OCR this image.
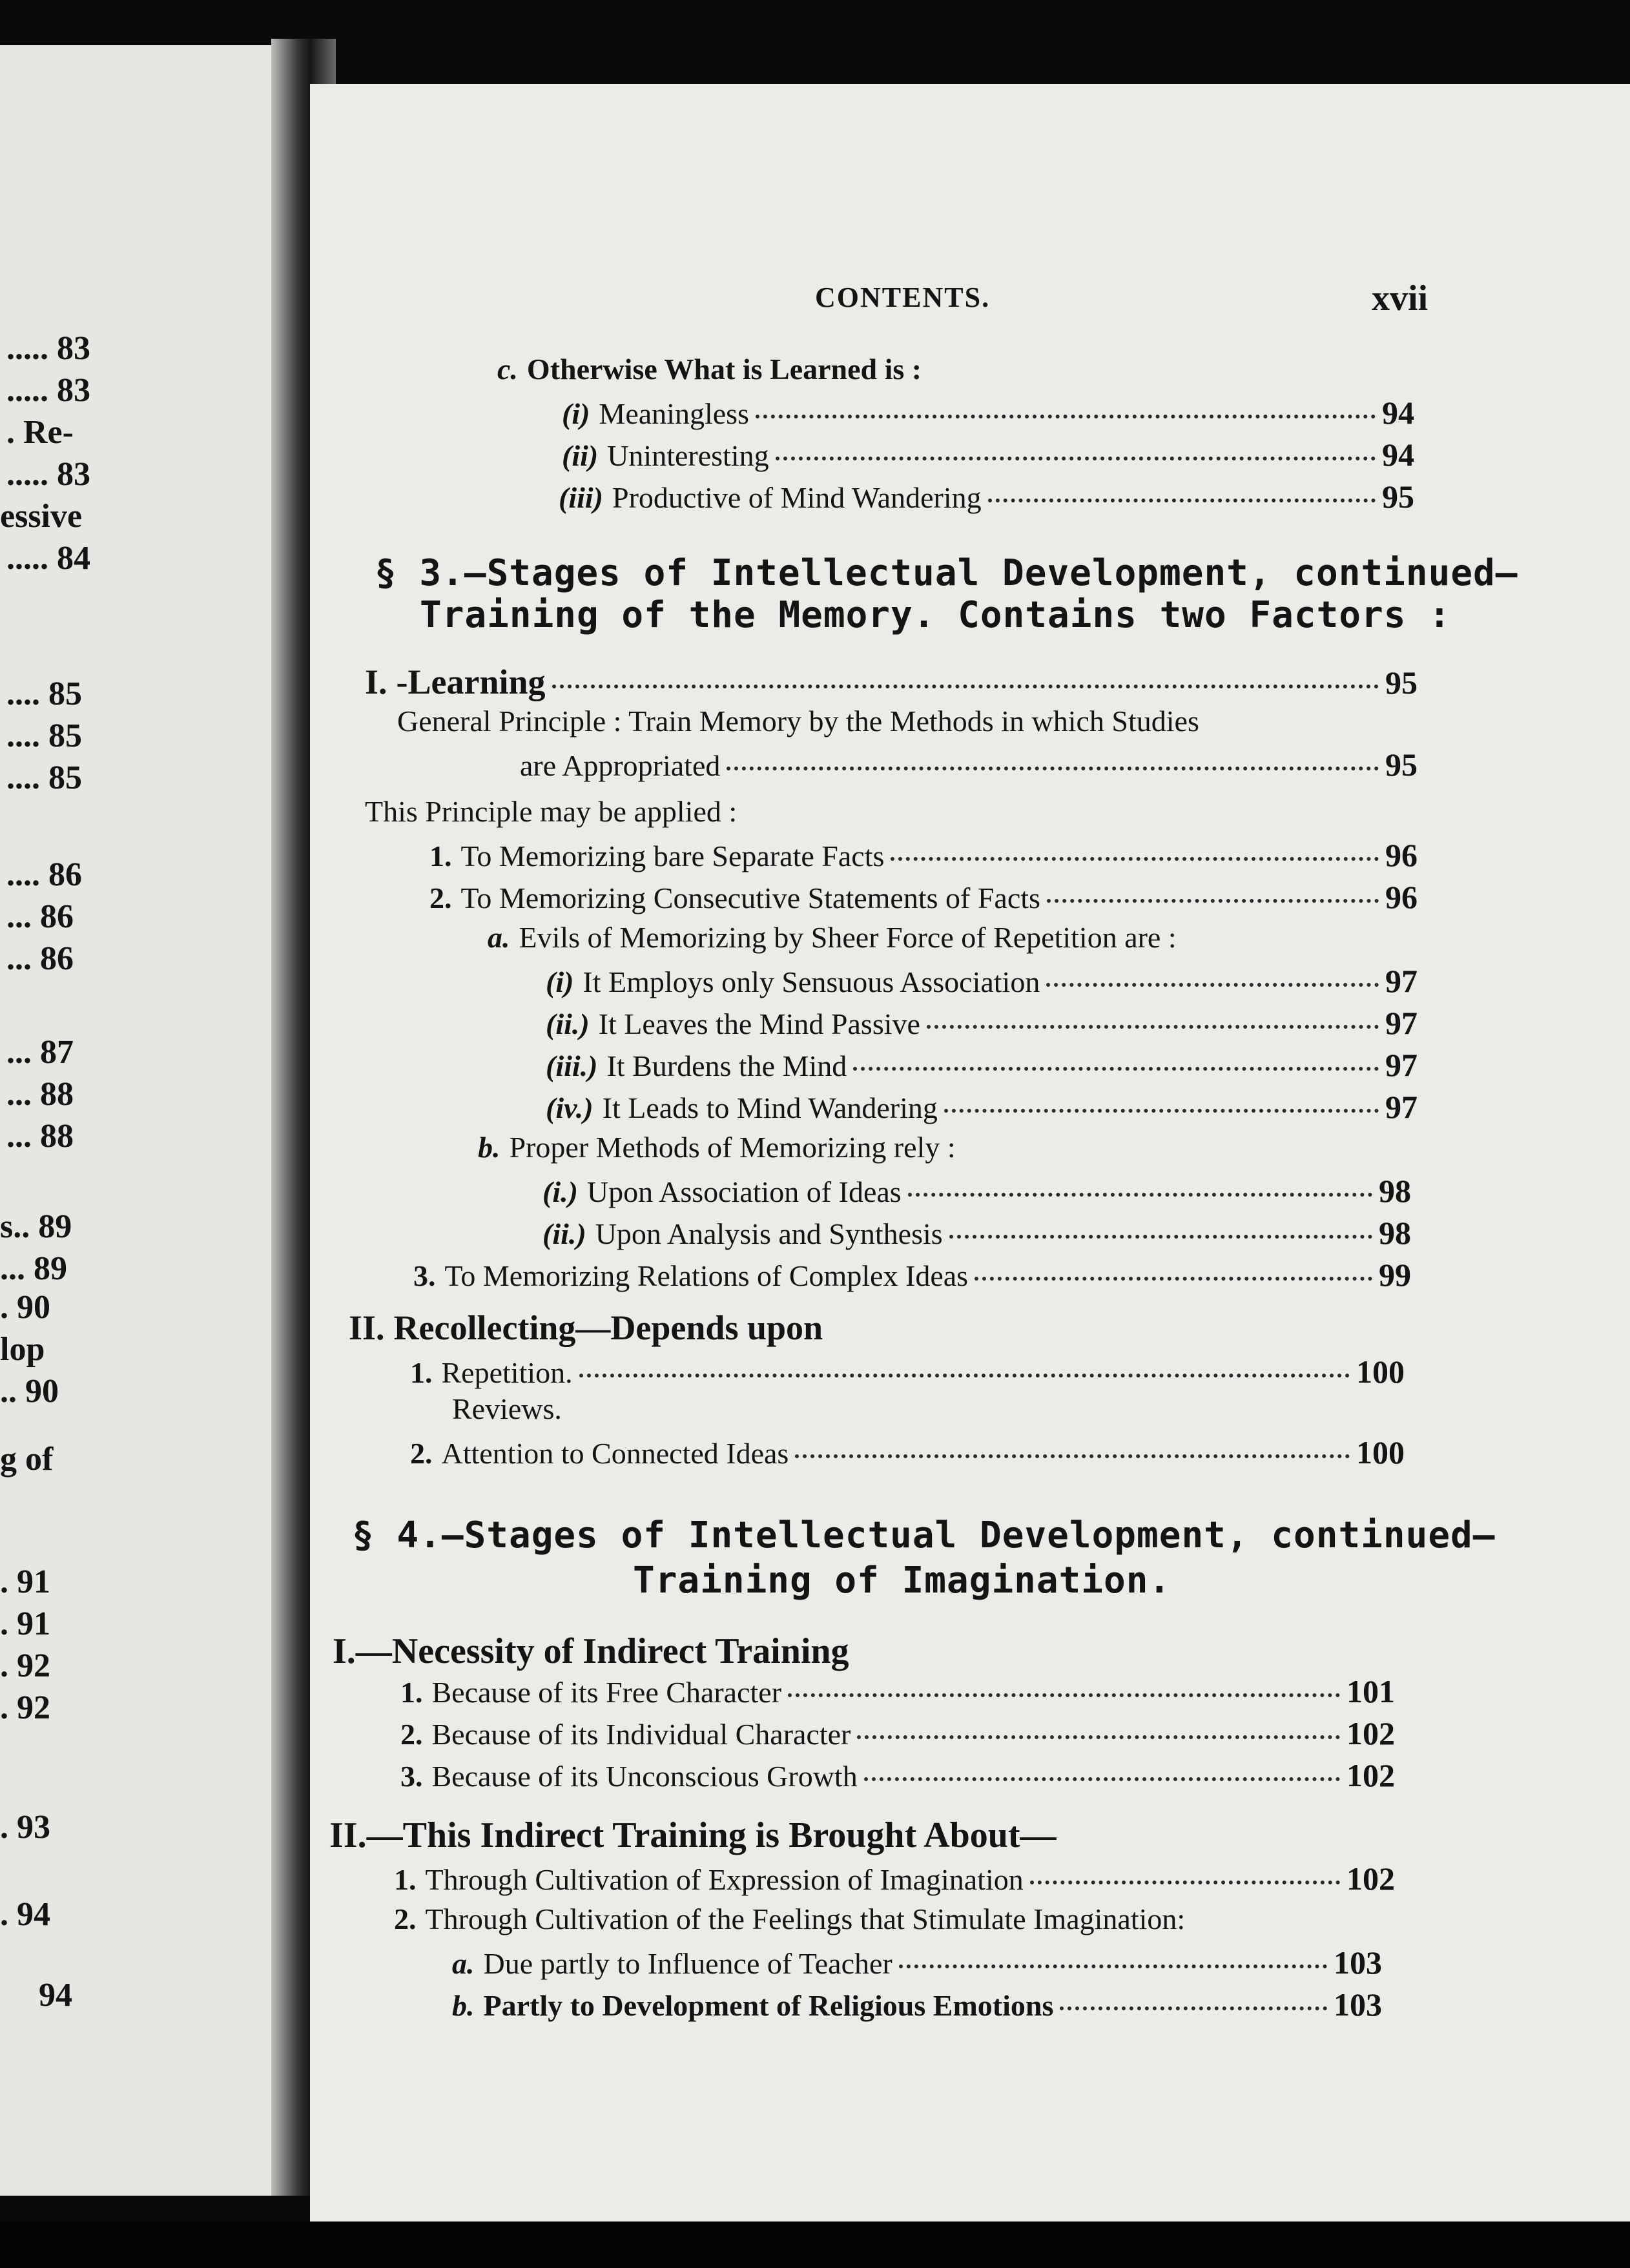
..... 83
..... 83
. Re-
..... 83
essive
..... 84
.... 85
.... 85
.... 85
.... 86
... 86
... 86
... 87
... 88
... 88
s.. 89
... 89
. 90
lop
.. 90
g of
. 91
. 91
. 92
. 92
. 93
. 94
94
CONTENTS.	xvii
c. Otherwise What is Learned is :
(i) Meaningless	94
(ii) Uninteresting	94
(iii) Productive of Mind Wandering	95
§ 3.—Stages of Intellectual Development, continued—
Training of the Memory. Contains two Factors :
I. -Learning	95
General Principle : Train Memory by the Methods in which Studies
are Appropriated	95
This Principle may be applied :
1. To Memorizing bare Separate Facts	96
2. To Memorizing Consecutive Statements of Facts	96
a. Evils of Memorizing by Sheer Force of Repetition are :
(i) It Employs only Sensuous Association	97
(ii.) It Leaves the Mind Passive	97
(iii.) It Burdens the Mind	97
(iv.) It Leads to Mind Wandering	97
b. Proper Methods of Memorizing rely :
(i.) Upon Association of Ideas	98
(ii.) Upon Analysis and Synthesis	98
3. To Memorizing Relations of Complex Ideas	99
II. Recollecting—Depends upon
1. Repetition.	100
Reviews.
2. Attention to Connected Ideas	100
§ 4.—Stages of Intellectual Development, continued—
Training of Imagination.
I.—Necessity of Indirect Training
1. Because of its Free Character	101
2. Because of its Individual Character	102
3. Because of its Unconscious Growth	102
II.—This Indirect Training is Brought About—
1. Through Cultivation of Expression of Imagination	102
2. Through Cultivation of the Feelings that Stimulate Imagination:
a. Due partly to Influence of Teacher	103
b. Partly to Development of Religious Emotions	103
